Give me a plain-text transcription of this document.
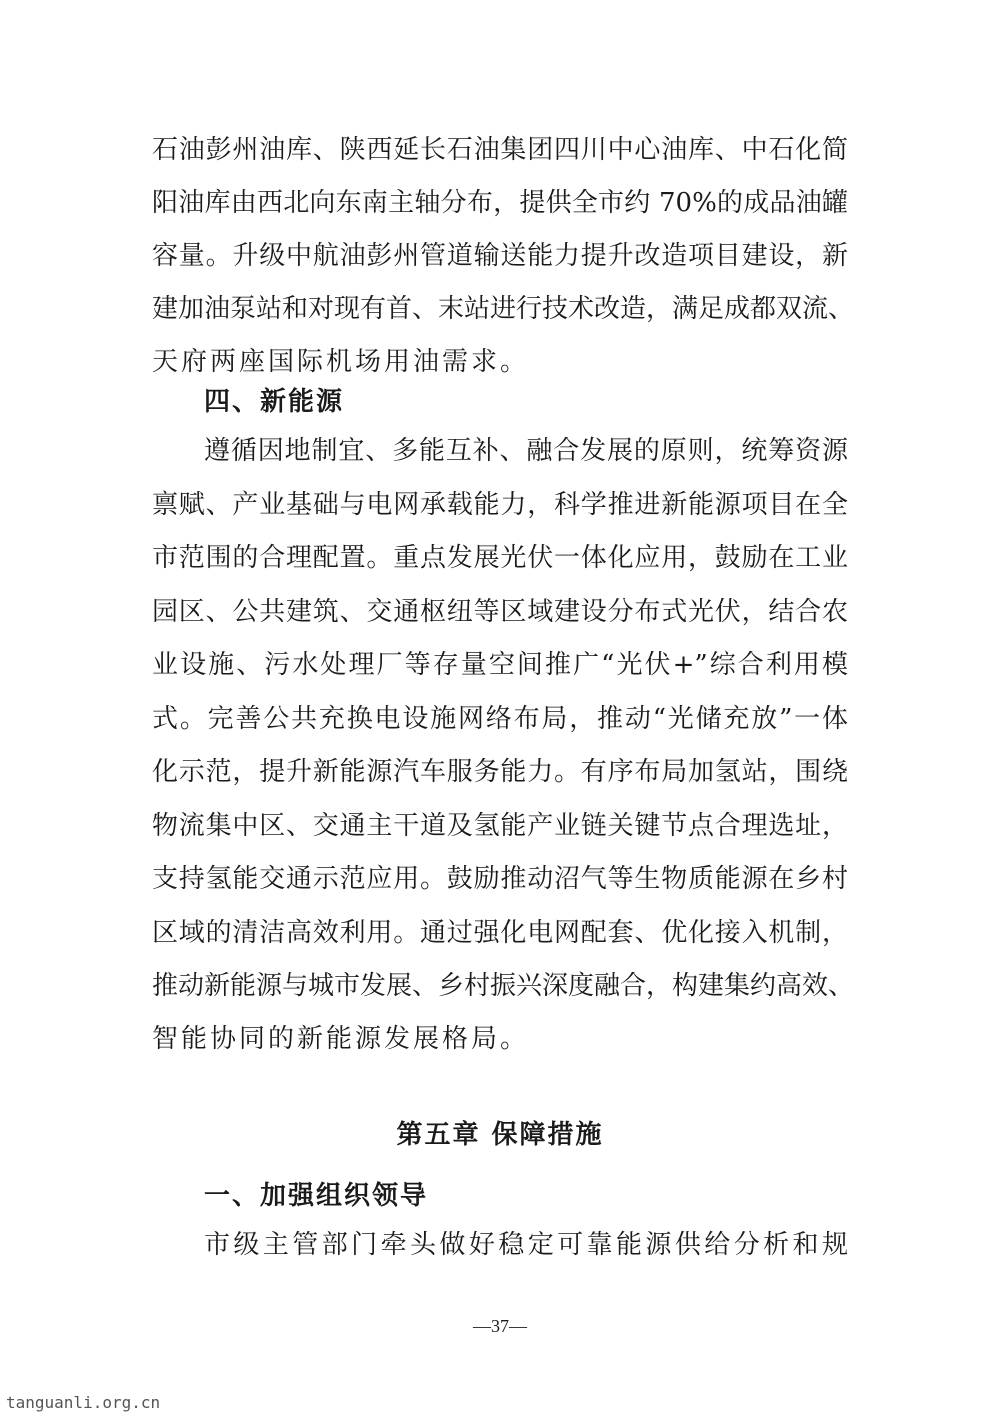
石油彭州油库、陕西延长石油集团四川中心油库、中石化简
阳油库由西北向东南主轴分布，提供全市约 70%的成品油罐
容量。升级中航油彭州管道输送能力提升改造项目建设，新
建加油泵站和对现有首、末站进行技术改造，满足成都双流、
天府两座国际机场用油需求。
四、新能源
遵循因地制宜、多能互补、融合发展的原则，统筹资源
禀赋、产业基础与电网承载能力，科学推进新能源项目在全
市范围的合理配置。重点发展光伏一体化应用，鼓励在工业
园区、公共建筑、交通枢纽等区域建设分布式光伏，结合农
业设施、污水处理厂等存量空间推广“光伏+”综合利用模
式。完善公共充换电设施网络布局，推动“光储充放”一体
化示范，提升新能源汽车服务能力。有序布局加氢站，围绕
物流集中区、交通主干道及氢能产业链关键节点合理选址，
支持氢能交通示范应用。鼓励推动沼气等生物质能源在乡村
区域的清洁高效利用。通过强化电网配套、优化接入机制，
推动新能源与城市发展、乡村振兴深度融合，构建集约高效、
智能协同的新能源发展格局。
第五章 保障措施
一、加强组织领导
市级主管部门牵头做好稳定可靠能源供给分析和规
—37—
tanguanli.org.cn
